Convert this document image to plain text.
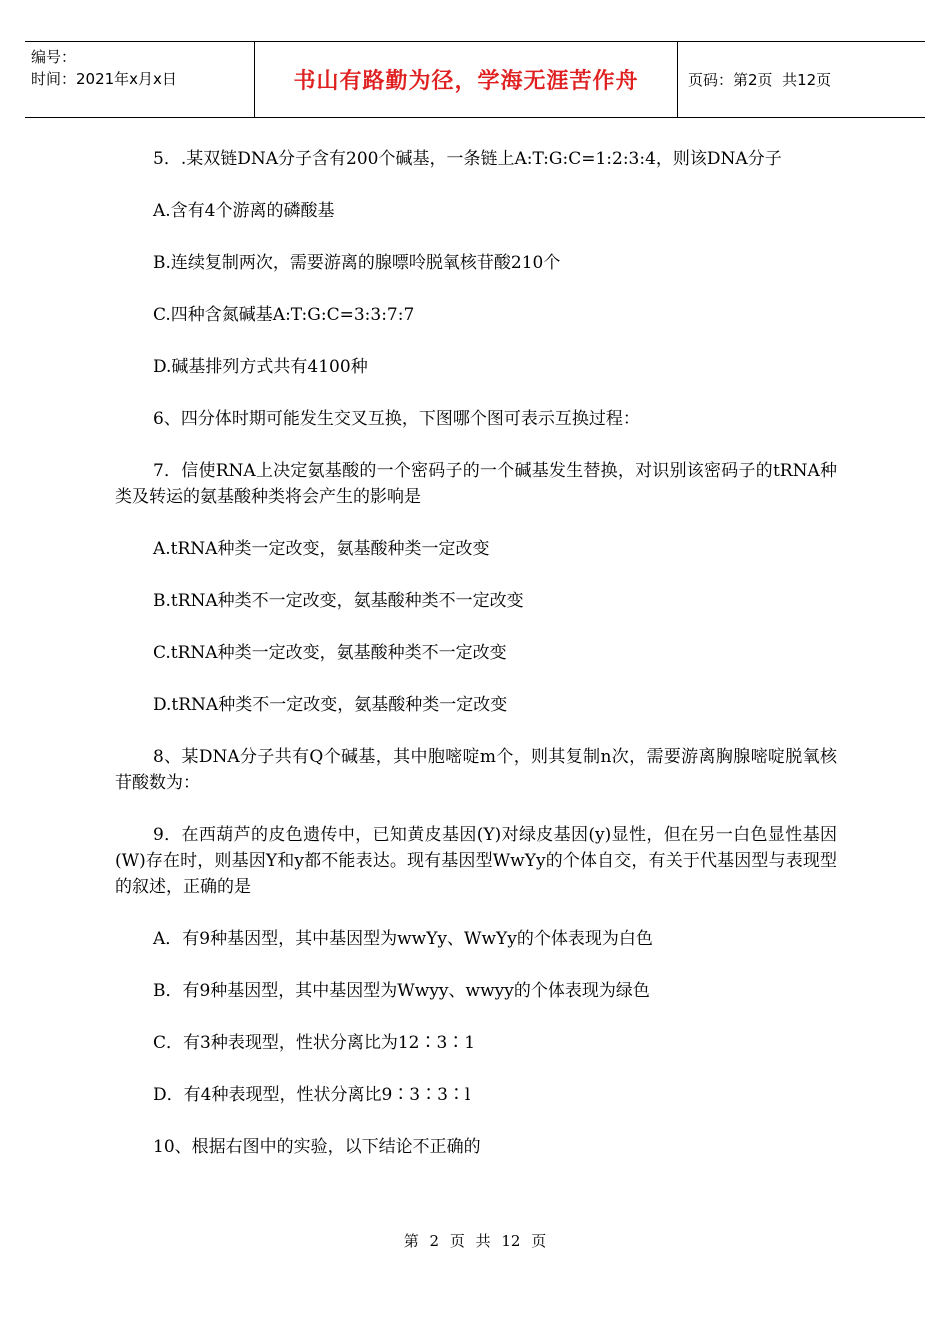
编号：
时间：2021年x月x日	书山有路勤为径，学海无涯苦作舟	页码：第2页  共12页

5．.某双链DNA分子含有200个碱基，一条链上A:T:G:C=1:2:3:4，则该DNA分子

A.含有4个游离的磷酸基

B.连续复制两次，需要游离的腺嘌呤脱氧核苷酸210个

C.四种含氮碱基A:T:G:C=3:3:7:7

D.碱基排列方式共有4100种

6、四分体时期可能发生交叉互换，下图哪个图可表示互换过程：

7．信使RNA上决定氨基酸的一个密码子的一个碱基发生替换，对识别该密码子的tRNA种类及转运的氨基酸种类将会产生的影响是

A.tRNA种类一定改变，氨基酸种类一定改变

B.tRNA种类不一定改变，氨基酸种类不一定改变

C.tRNA种类一定改变，氨基酸种类不一定改变

D.tRNA种类不一定改变，氨基酸种类一定改变

8、某DNA分子共有Q个碱基，其中胞嘧啶m个，则其复制n次，需要游离胸腺嘧啶脱氧核苷酸数为：

9．在西葫芦的皮色遗传中，已知黄皮基因(Y)对绿皮基因(y)显性，但在另一白色显性基因(W)存在时，则基因Y和y都不能表达。现有基因型WwYy的个体自交，有关于代基因型与表现型的叙述，正确的是

A．有9种基因型，其中基因型为wwYy、WwYy的个体表现为白色

B．有9种基因型，其中基因型为Wwyy、wwyy的个体表现为绿色

C．有3种表现型，性状分离比为12∶3∶1

D．有4种表现型，性状分离比9∶3∶3∶l

10、根据右图中的实验，以下结论不正确的

第 2 页 共 12 页
